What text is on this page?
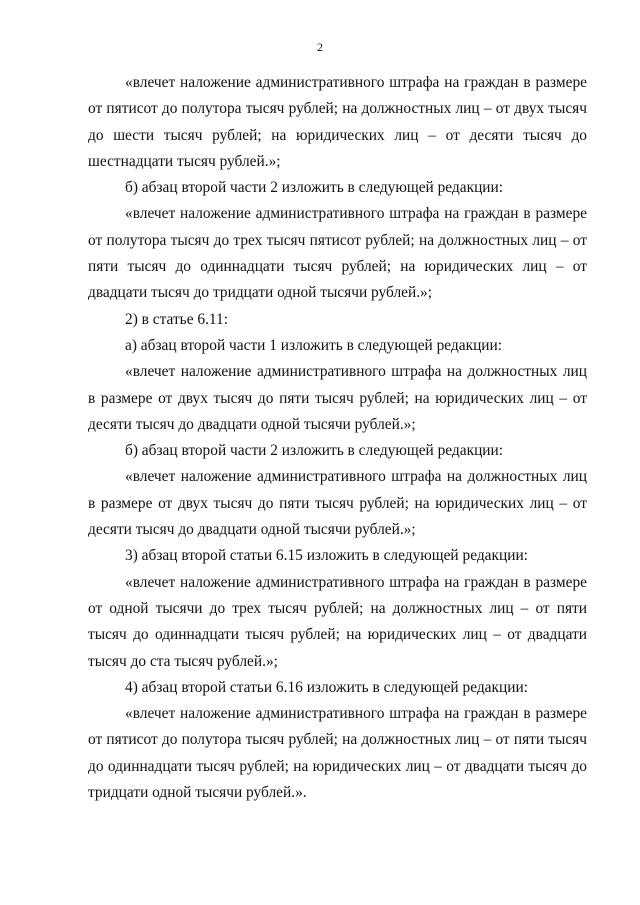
2

«влечет наложение административного штрафа на граждан в размере от пятисот до полутора тысяч рублей; на должностных лиц – от двух тысяч до шести тысяч рублей; на юридических лиц – от десяти тысяч до шестнадцати тысяч рублей.»;

б) абзац второй части 2 изложить в следующей редакции:

«влечет наложение административного штрафа на граждан в размере от полутора тысяч до трех тысяч пятисот рублей; на должностных лиц – от пяти тысяч до одиннадцати тысяч рублей; на юридических лиц – от двадцати тысяч до тридцати одной тысячи рублей.»;

2) в статье 6.11:

а) абзац второй части 1 изложить в следующей редакции:

«влечет наложение административного штрафа на должностных лиц в размере от двух тысяч до пяти тысяч рублей; на юридических лиц – от десяти тысяч до двадцати одной тысячи рублей.»;

б) абзац второй части 2 изложить в следующей редакции:

«влечет наложение административного штрафа на должностных лиц в размере от двух тысяч до пяти тысяч рублей; на юридических лиц – от десяти тысяч до двадцати одной тысячи рублей.»;

3) абзац второй статьи 6.15 изложить в следующей редакции:

«влечет наложение административного штрафа на граждан в размере от одной тысячи до трех тысяч рублей; на должностных лиц – от пяти тысяч до одиннадцати тысяч рублей; на юридических лиц – от двадцати тысяч до ста тысяч рублей.»;

4) абзац второй статьи 6.16 изложить в следующей редакции:

«влечет наложение административного штрафа на граждан в размере от пятисот до полутора тысяч рублей; на должностных лиц – от пяти тысяч до одиннадцати тысяч рублей; на юридических лиц – от двадцати тысяч до тридцати одной тысячи рублей.».
